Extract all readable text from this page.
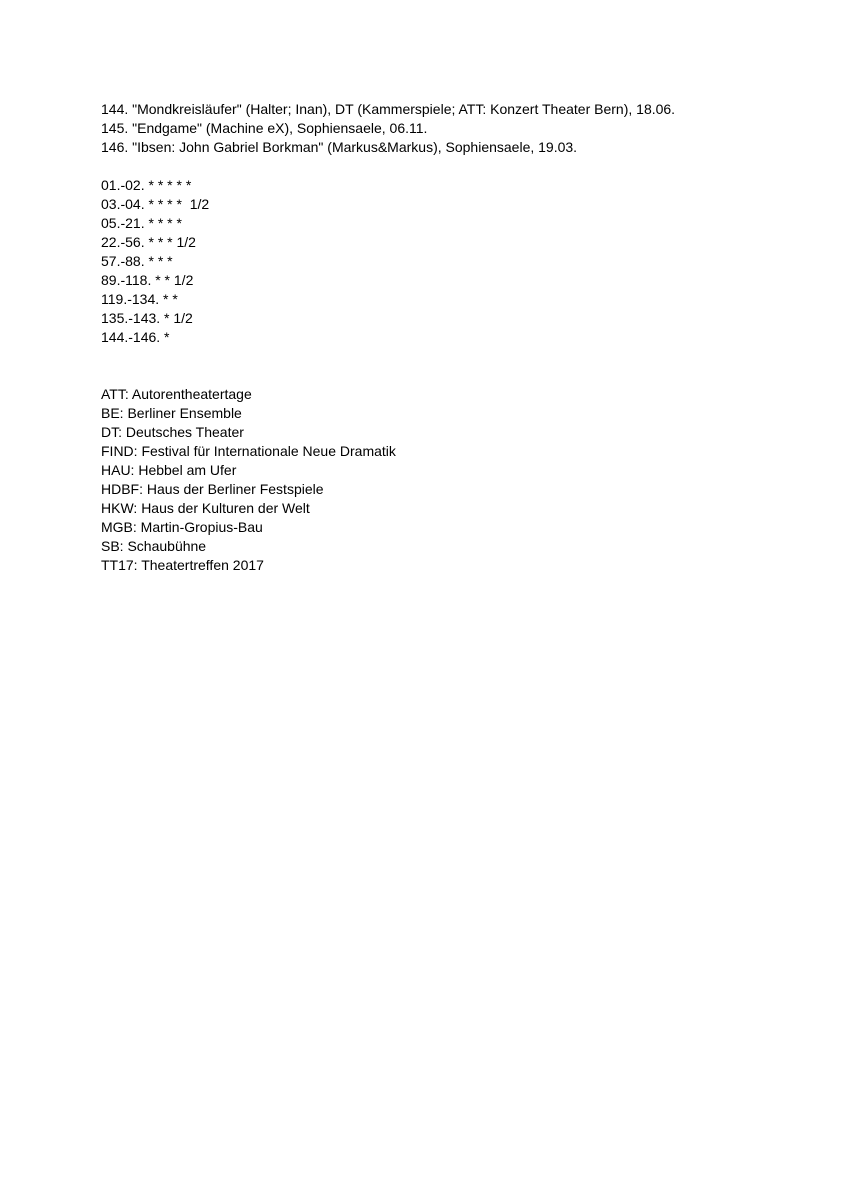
144. "Mondkreisläufer" (Halter; Inan), DT (Kammerspiele; ATT: Konzert Theater Bern), 18.06.
145. "Endgame" (Machine eX), Sophiensaele, 06.11.
146. "Ibsen: John Gabriel Borkman" (Markus&Markus), Sophiensaele, 19.03.
01.-02. * * * * *
03.-04. * * * *  1/2
05.-21. * * * *
22.-56. * * * 1/2
57.-88. * * *
89.-118. * * 1/2
119.-134. * *
135.-143. * 1/2
144.-146. *
ATT: Autorentheatertage
BE: Berliner Ensemble
DT: Deutsches Theater
FIND: Festival für Internationale Neue Dramatik
HAU: Hebbel am Ufer
HDBF: Haus der Berliner Festspiele
HKW: Haus der Kulturen der Welt
MGB: Martin-Gropius-Bau
SB: Schaubühne
TT17: Theatertreffen 2017
